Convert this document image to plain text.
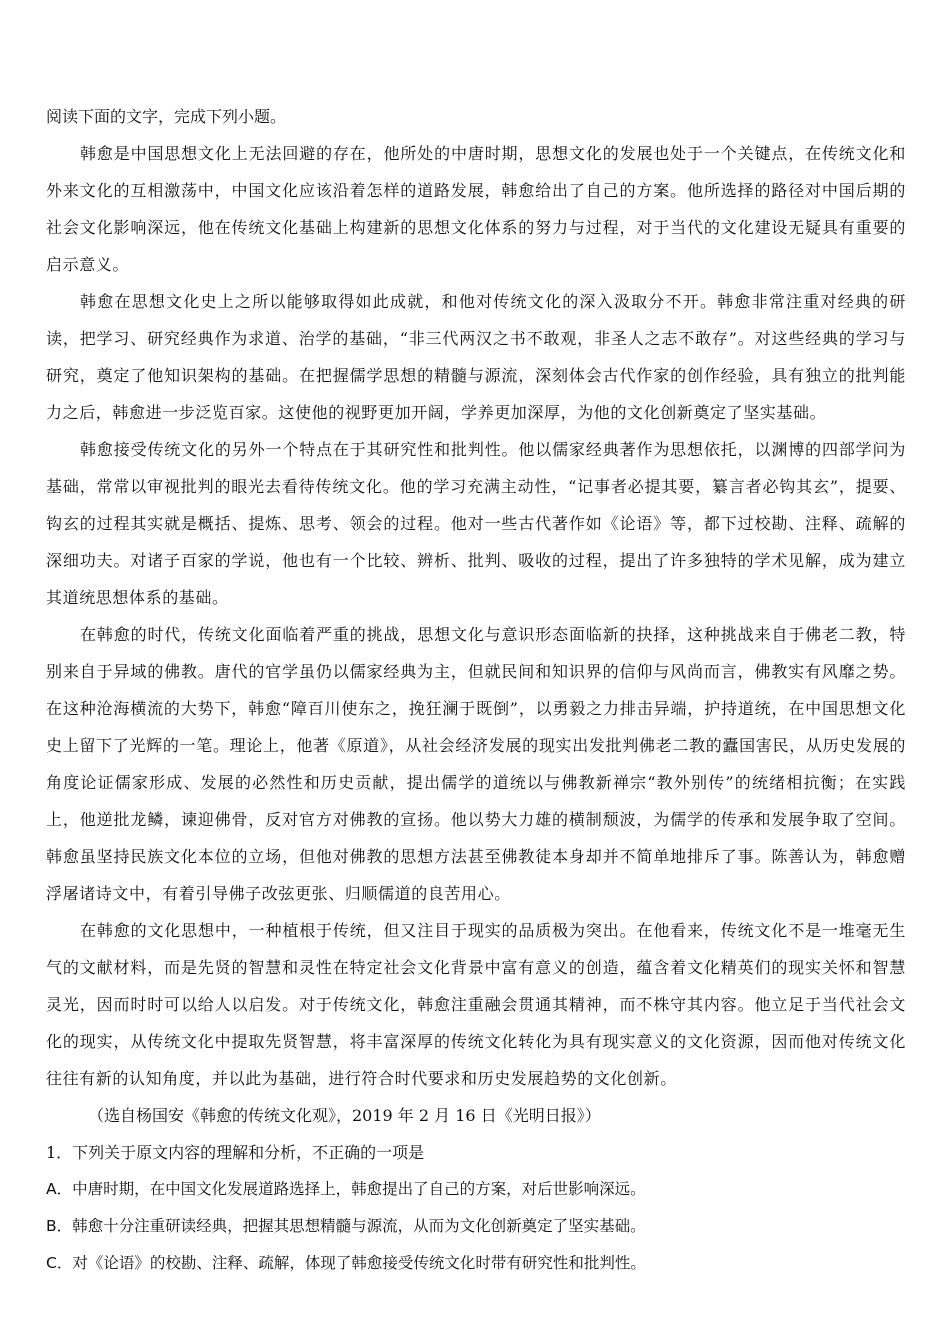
阅读下面的文字，完成下列小题。

韩愈是中国思想文化上无法回避的存在，他所处的中唐时期，思想文化的发展也处于一个关键点，在传统文化和外来文化的互相激荡中，中国文化应该沿着怎样的道路发展，韩愈给出了自己的方案。他所选择的路径对中国后期的社会文化影响深远，他在传统文化基础上构建新的思想文化体系的努力与过程，对于当代的文化建设无疑具有重要的启示意义。

韩愈在思想文化史上之所以能够取得如此成就，和他对传统文化的深入汲取分不开。韩愈非常注重对经典的研读，把学习、研究经典作为求道、治学的基础，“非三代两汉之书不敢观，非圣人之志不敢存”。对这些经典的学习与研究，奠定了他知识架构的基础。在把握儒学思想的精髓与源流，深刻体会古代作家的创作经验，具有独立的批判能力之后，韩愈进一步泛览百家。这使他的视野更加开阔，学养更加深厚，为他的文化创新奠定了坚实基础。

韩愈接受传统文化的另外一个特点在于其研究性和批判性。他以儒家经典著作为思想依托，以渊博的四部学问为基础，常常以审视批判的眼光去看待传统文化。他的学习充满主动性，“记事者必提其要，纂言者必钩其玄”，提要、钩玄的过程其实就是概括、提炼、思考、领会的过程。他对一些古代著作如《论语》等，都下过校勘、注释、疏解的深细功夫。对诸子百家的学说，他也有一个比较、辨析、批判、吸收的过程，提出了许多独特的学术见解，成为建立其道统思想体系的基础。

在韩愈的时代，传统文化面临着严重的挑战，思想文化与意识形态面临新的抉择，这种挑战来自于佛老二教，特别来自于异域的佛教。唐代的官学虽仍以儒家经典为主，但就民间和知识界的信仰与风尚而言，佛教实有风靡之势。在这种沧海横流的大势下，韩愈“障百川使东之，挽狂澜于既倒”，以勇毅之力排击异端，护持道统，在中国思想文化史上留下了光辉的一笔。理论上，他著《原道》，从社会经济发展的现实出发批判佛老二教的蠹国害民，从历史发展的角度论证儒家形成、发展的必然性和历史贡献，提出儒学的道统以与佛教新禅宗“教外别传”的统绪相抗衡；在实践上，他逆批龙鳞，谏迎佛骨，反对官方对佛教的宣扬。他以势大力雄的横制颓波，为儒学的传承和发展争取了空间。韩愈虽坚持民族文化本位的立场，但他对佛教的思想方法甚至佛教徒本身却并不简单地排斥了事。陈善认为，韩愈赠浮屠诸诗文中，有着引导佛子改弦更张、归顺儒道的良苦用心。

在韩愈的文化思想中，一种植根于传统，但又注目于现实的品质极为突出。在他看来，传统文化不是一堆毫无生气的文献材料，而是先贤的智慧和灵性在特定社会文化背景中富有意义的创造，蕴含着文化精英们的现实关怀和智慧灵光，因而时时可以给人以启发。对于传统文化，韩愈注重融会贯通其精神，而不株守其内容。他立足于当代社会文化的现实，从传统文化中提取先贤智慧，将丰富深厚的传统文化转化为具有现实意义的文化资源，因而他对传统文化往往有新的认知角度，并以此为基础，进行符合时代要求和历史发展趋势的文化创新。

（选自杨国安《韩愈的传统文化观》，2019 年 2 月 16 日《光明日报》）

1．下列关于原文内容的理解和分析，不正确的一项是

A．中唐时期，在中国文化发展道路选择上，韩愈提出了自己的方案，对后世影响深远。

B．韩愈十分注重研读经典，把握其思想精髓与源流，从而为文化创新奠定了坚实基础。

C．对《论语》的校勘、注释、疏解，体现了韩愈接受传统文化时带有研究性和批判性。
